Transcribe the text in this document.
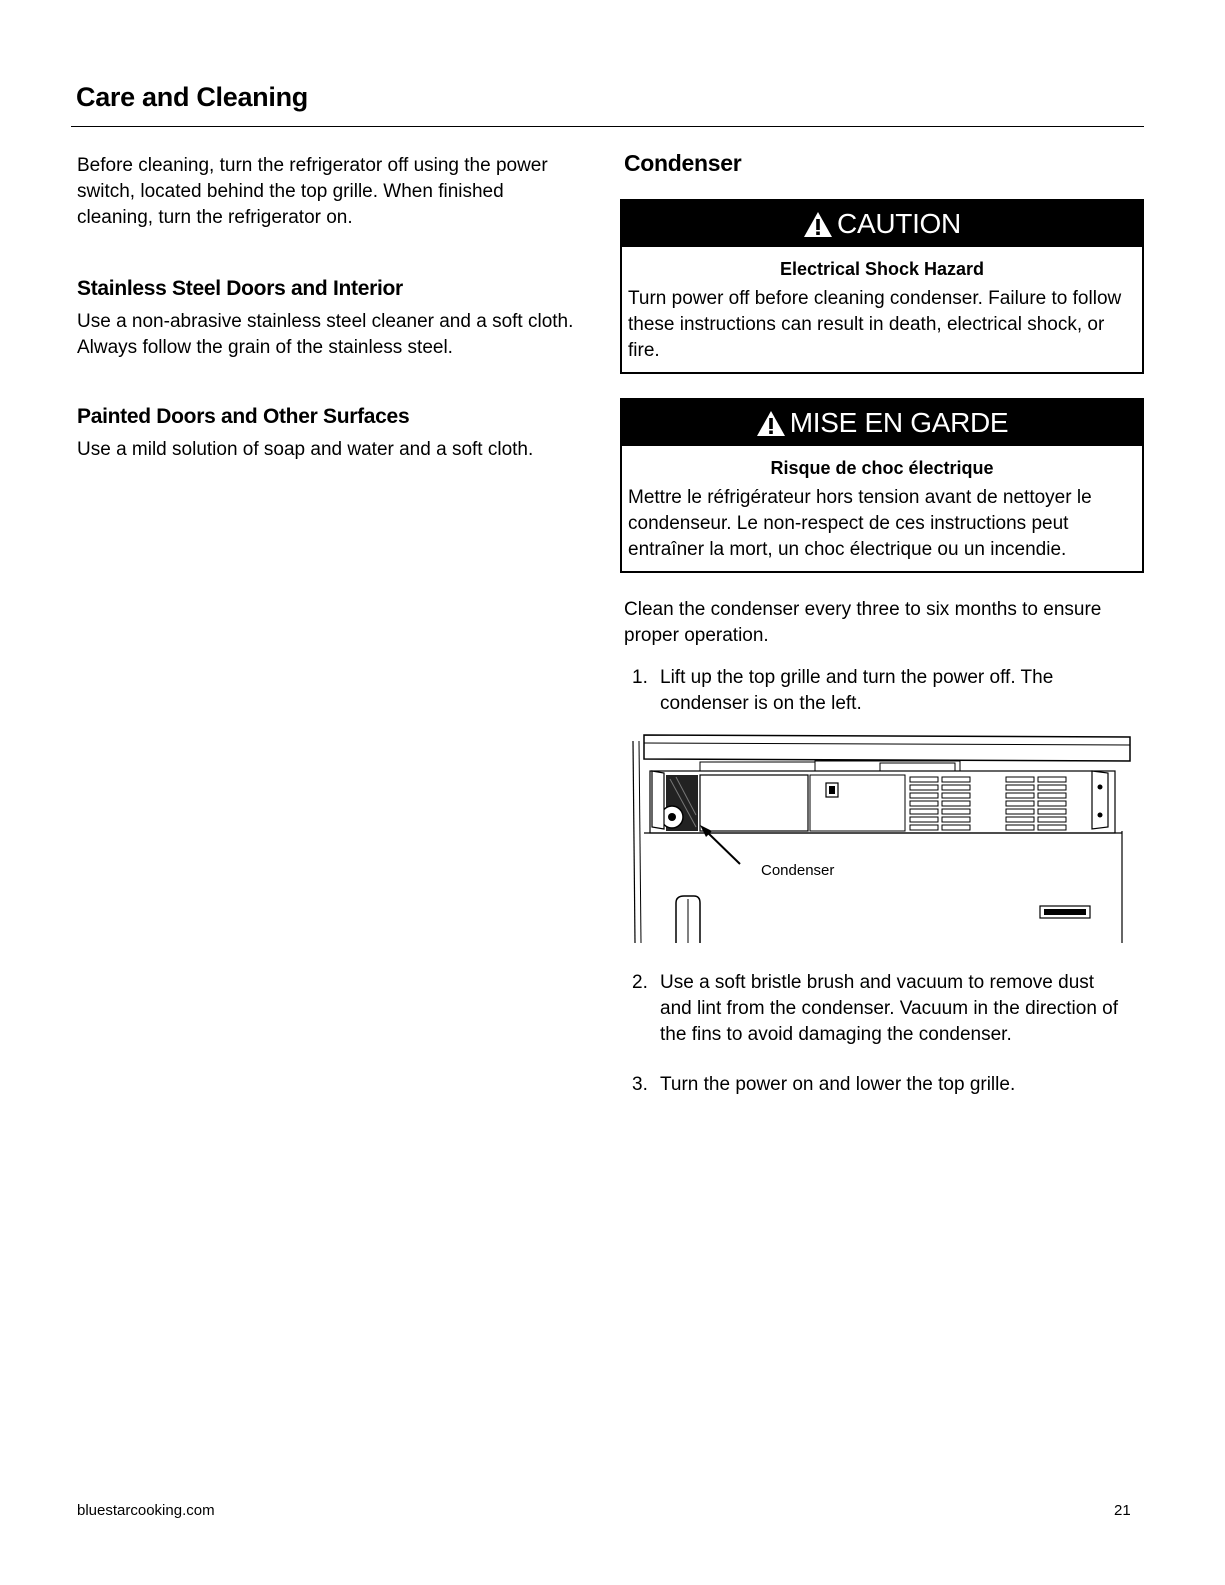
Care and Cleaning

Before cleaning, turn the refrigerator off using the power switch, located behind the top grille. When finished cleaning, turn the refrigerator on.

Stainless Steel Doors and Interior

Use a non-abrasive stainless steel cleaner and a soft cloth. Always follow the grain of the stainless steel.

Painted Doors and Other Surfaces

Use a mild solution of soap and water and a soft cloth.

Condenser
CAUTION
Electrical Shock Hazard
Turn power off before cleaning condenser. Failure to follow these instructions can result in death, electrical shock, or fire.
MISE EN GARDE
Risque de choc électrique
Mettre le réfrigérateur hors tension avant de nettoyer le condenseur. Le non-respect de ces instructions peut entraîner la mort, un choc électrique ou un incendie.

Clean the condenser every three to six months to ensure proper operation.

1. Lift up the top grille and turn the power off. The condenser is on the left.
Condenser
2. Use a soft bristle brush and vacuum to remove dust and lint from the condenser. Vacuum in the direction of the fins to avoid damaging the condenser.
3. Turn the power on and lower the top grille.
bluestarcooking.com	21
